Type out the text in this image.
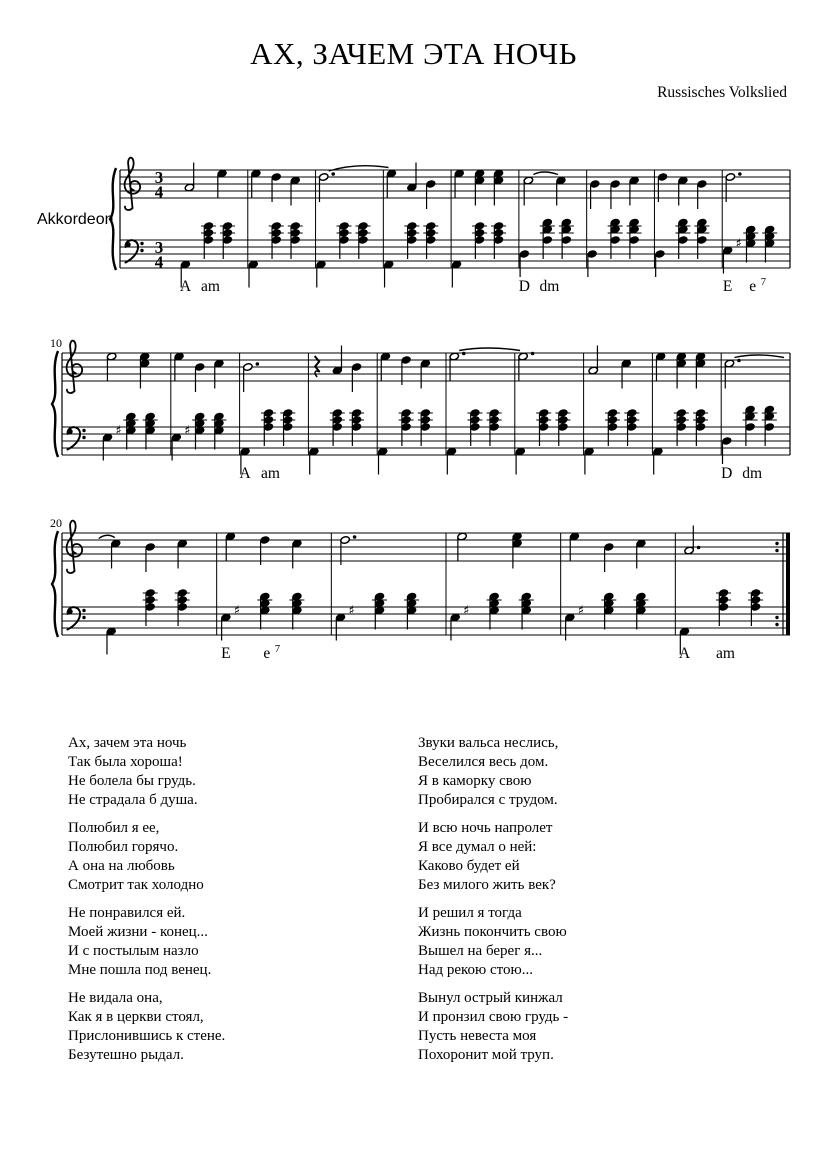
АХ, ЗАЧЕМ ЭТА НОЧЬ
Russisches Volkslied
Akkordeon
3
4
3
4
A am	D dm
♯
E e 7
10
♯	♯
A am	D dm
20
♯
E e 7
♯	♯	♯
A am
Ах, зачем эта ночь
Так была хороша!
Не болела бы грудь.
Не страдала б душа.
Полюбил я ее,
Полюбил горячо.
А она на любовь
Смотрит так холодно
Не понравился ей.
Моей жизни - конец...
И с постылым назло
Мне пошла под венец.
Не видала она,
Как я в церкви стоял,
Прислонившись к стене.
Безутешно рыдал.
Звуки вальса неслись,
Веселился весь дом.
Я в каморку свою
Пробирался с трудом.
И всю ночь напролет
Я все думал о ней:
Каково будет ей
Без милого жить век?
И решил я тогда
Жизнь покончить свою
Вышел на берег я...
Над рекою стою...
Вынул острый кинжал
И пронзил свою грудь -
Пусть невеста моя
Похоронит мой труп.
